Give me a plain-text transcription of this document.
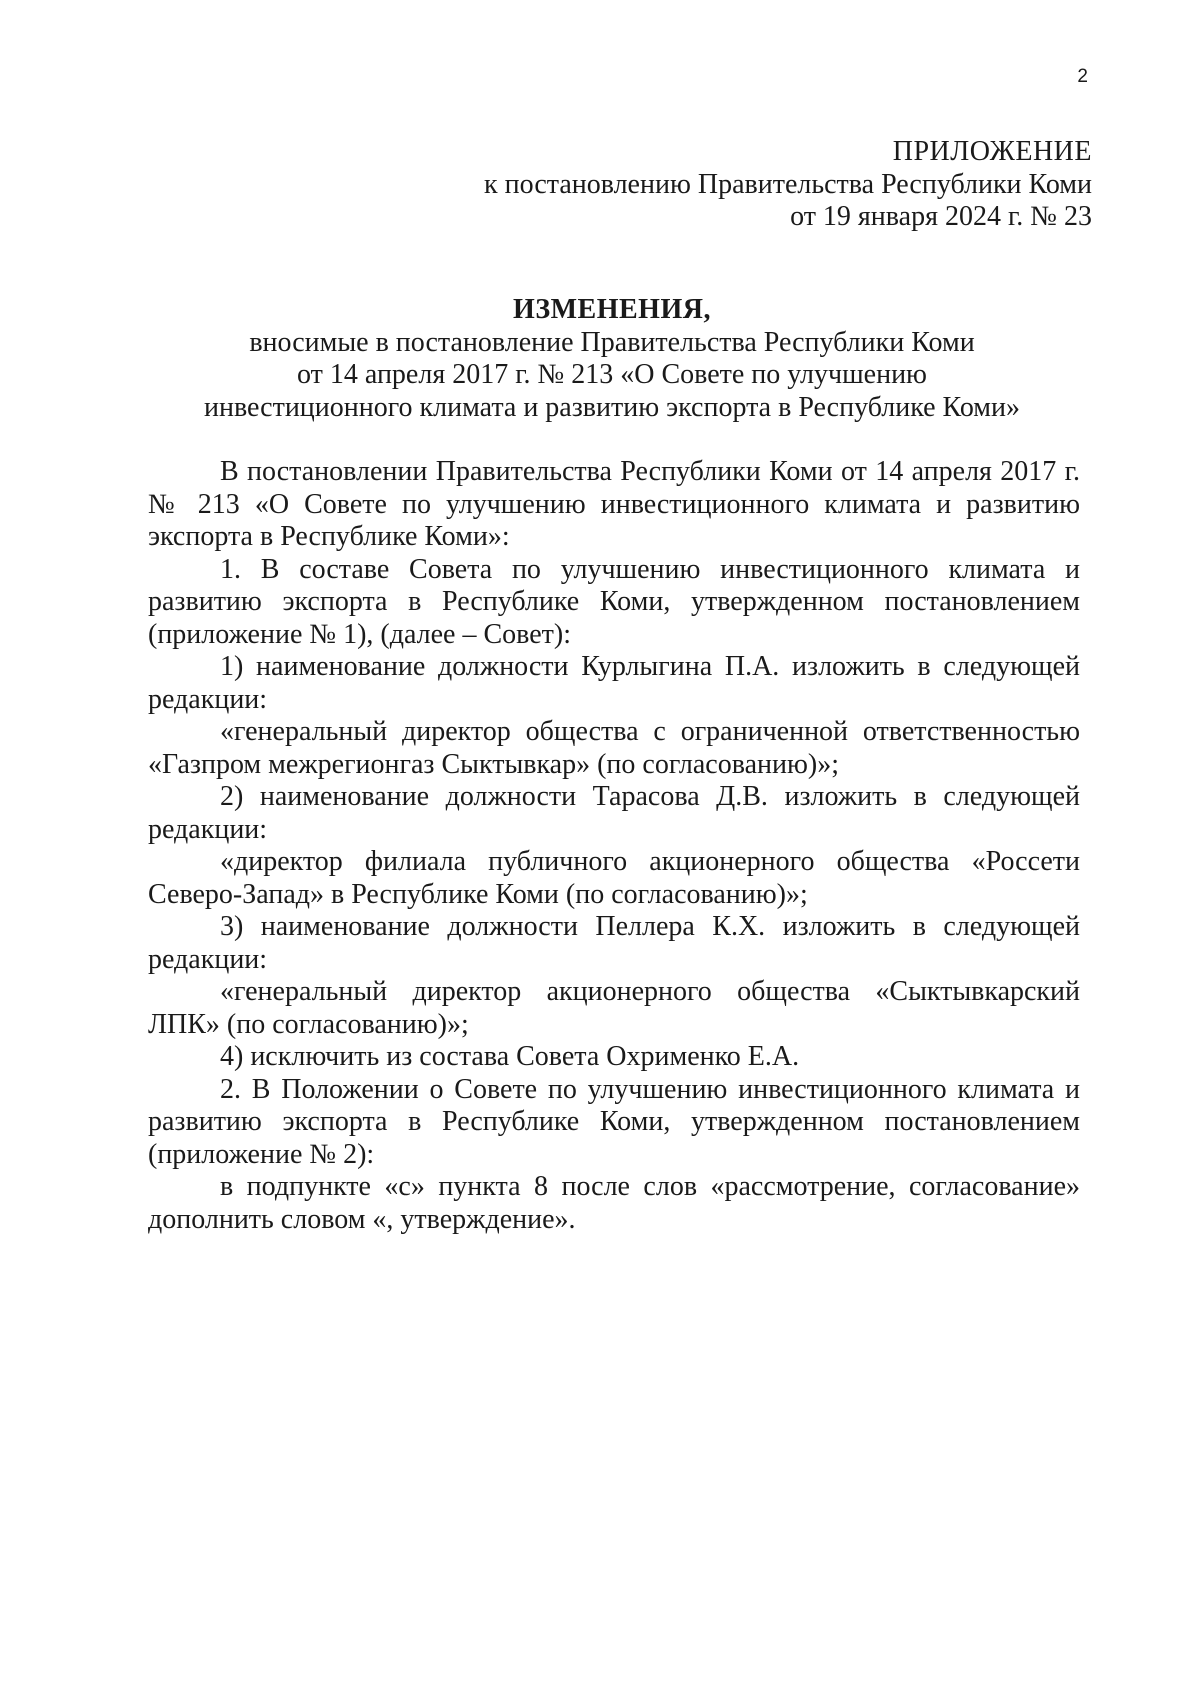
2

ПРИЛОЖЕНИЕ

к постановлению Правительства Республики Коми

от 19 января 2024 г. № 23

ИЗМЕНЕНИЯ,

вносимые в постановление Правительства Республики Коми

от 14 апреля 2017 г. № 213 «О Совете по улучшению

инвестиционного климата и развитию экспорта в Республике Коми»

В постановлении Правительства Республики Коми от 14 апреля 2017 г. № 213 «О Совете по улучшению инвестиционного климата и развитию экспорта в Республике Коми»:

1. В составе Совета по улучшению инвестиционного климата и развитию экспорта в Республике Коми, утвержденном постановлением (приложение № 1), (далее – Совет):

1) наименование должности Курлыгина П.А. изложить в следующей редакции:

«генеральный директор общества с ограниченной ответственностью «Газпром межрегионгаз Сыктывкар» (по согласованию)»;

2) наименование должности Тарасова Д.В. изложить в следующей редакции:

«директор филиала публичного акционерного общества «Россети Северо-Запад» в Республике Коми (по согласованию)»;

3) наименование должности Пеллера К.Х. изложить в следующей редакции:

«генеральный директор акционерного общества «Сыктывкарский ЛПК» (по согласованию)»;

4) исключить из состава Совета Охрименко Е.А.

2. В Положении о Совете по улучшению инвестиционного климата и развитию экспорта в Республике Коми, утвержденном постановлением (приложение № 2):

в подпункте «с» пункта 8 после слов «рассмотрение, согласование» дополнить словом «, утверждение».
